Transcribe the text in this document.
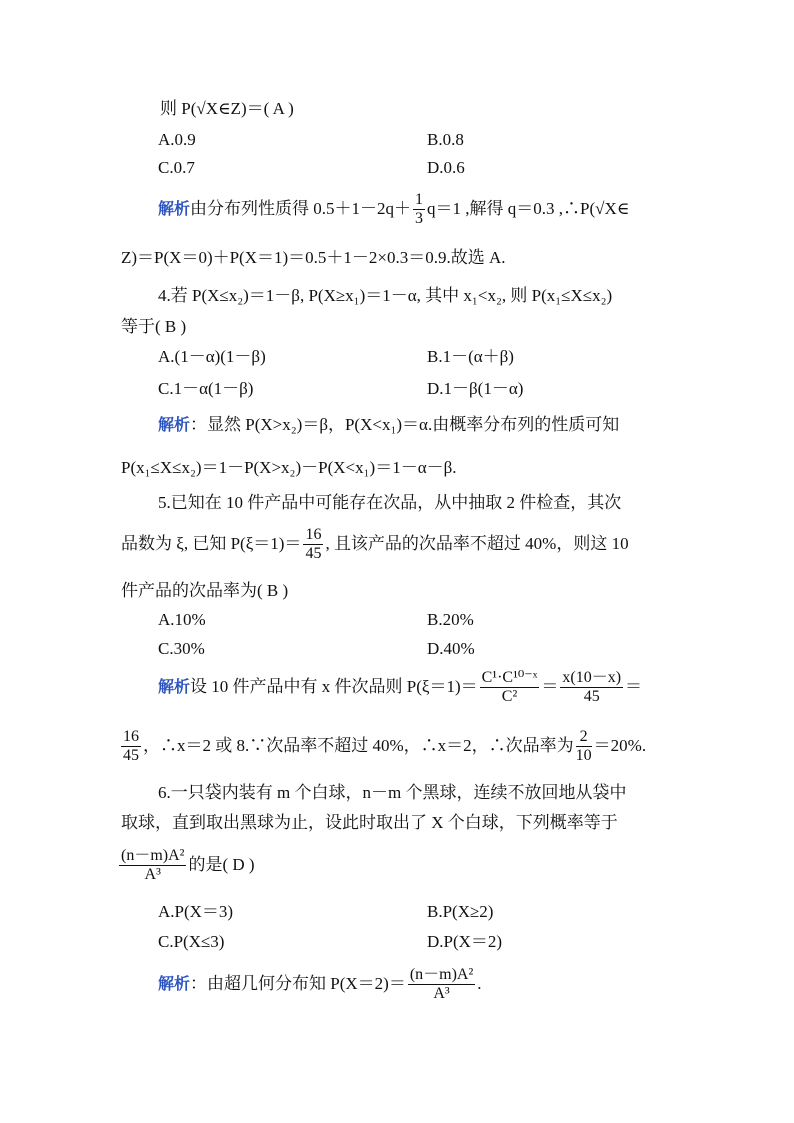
则 P(√X∈Z)＝( A )
A.0.9	B.0.8
C.0.7	D.0.6
解析 由分布列性质得 $0.5+1-2q+ \frac{1}{3} q=1$ ,解得 q＝0.3 ,∴P(√X∈
Z)＝P(X＝0)＋P(X＝1)＝0.5＋1－2×0.3＝0.9.故选 A.
4.若 P(X≤x₂)＝1－β, P(X≥x₁)＝1－α, 其中 x₁<x₂, 则 P(x₁≤X≤x₂)
等于( B )
A.(1－α)(1－β)	B.1－(α＋β)
C.1－α(1－β)	D.1－β(1－α)
解析：显然 P(X>x₂)＝β，P(X<x₁)＝α.由概率分布列的性质可知
P(x₁≤X≤x₂)＝1－P(X>x₂)－P(X<x₁)＝1－α－β.
5.已知在 10 件产品中可能存在次品，从中抽取 2 件检查，其次
品数为 ξ, 已知 $P(\xi=1)= \frac{16}{45}$ , 且该产品的次品率不超过 40%，则这 10
件产品的次品率为( B )
A.10%	B.20%
C.30%	D.40%
解析 设 10 件产品中有 x 件次品则 $P(\xi=1)= \frac{\text{C¹·C¹⁰⁻ˣ}}{\text{C²}} = \frac{x(10-x)}{45}$ ＝
$\frac{16}{45}$ ，∴x＝2 或 8.∵次品率不超过 40%，∴x＝2，∴次品率为 $\frac{2}{10} =20\%$.
6.一只袋内装有 m 个白球，n－m 个黑球，连续不放回地从袋中
取球，直到取出黑球为止，设此时取出了 X 个白球，下列概率等于
$\frac{\text{(n－m)A²}}{\text{A³}}$ 的是( D )
A.P(X＝3)	B.P(X≥2)
C.P(X≤3)	D.P(X＝2)
解析 ：由超几何分布知 $P(X=2)= \frac{\text{(n－m)A²}}{\text{A³}}$ .
